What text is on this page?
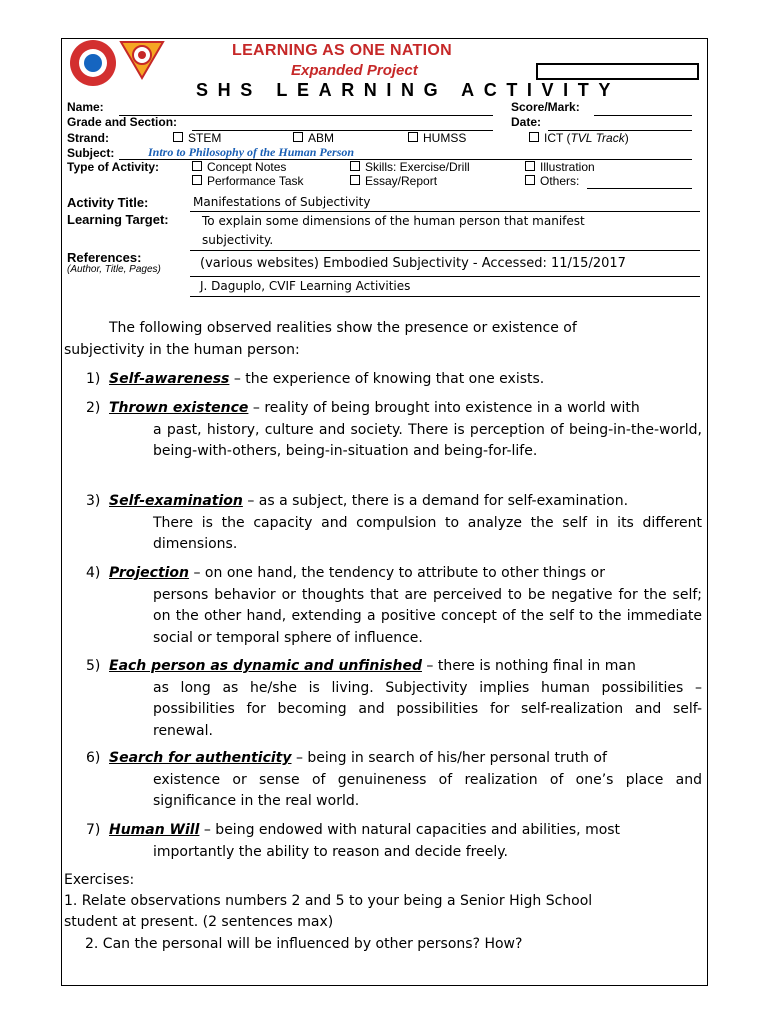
LEARNING AS ONE NATION
Expanded Project
SHS LEARNING ACTIVITY
Name:	Score/Mark:
Grade and Section:	Date:
Strand:	STEM	ABM	HUMSS	ICT (TVL Track)
Subject:	Intro to Philosophy of the Human Person
Type of Activity:	Concept Notes	Skills: Exercise/Drill	Illustration
Performance Task	Essay/Report	Others:
Activity Title:	Manifestations of Subjectivity
Learning Target:	To explain some dimensions of the human person that manifest
subjectivity.
References:
(Author, Title, Pages)	(various websites) Embodied Subjectivity - Accessed: 11/15/2017
J. Daguplo, CVIF Learning Activities
The following observed realities show the presence or existence of
subjectivity in the human person:
1) Self-awareness – the experience of knowing that one exists.
2) Thrown existence – reality of being brought into existence in a world with
a past, history, culture and society. There is perception of being-in-the-world, being-with-others, being-in-situation and being-for-life.
3) Self-examination – as a subject, there is a demand for self-examination.
There is the capacity and compulsion to analyze the self in its different dimensions.
4) Projection – on one hand, the tendency to attribute to other things or
persons behavior or thoughts that are perceived to be negative for the self; on the other hand, extending a positive concept of the self to the immediate social or temporal sphere of influence.
5) Each person as dynamic and unfinished – there is nothing final in man
as long as he/she is living. Subjectivity implies human possibilities – possibilities for becoming and possibilities for self-realization and self- renewal.
6) Search for authenticity – being in search of his/her personal truth of
existence or sense of genuineness of realization of one’s place and significance in the real world.
7) Human Will – being endowed with natural capacities and abilities, most
importantly the ability to reason and decide freely.
Exercises:
1. Relate observations numbers 2 and 5 to your being a Senior High School
student at present. (2 sentences max)
2. Can the personal will be influenced by other persons? How?
